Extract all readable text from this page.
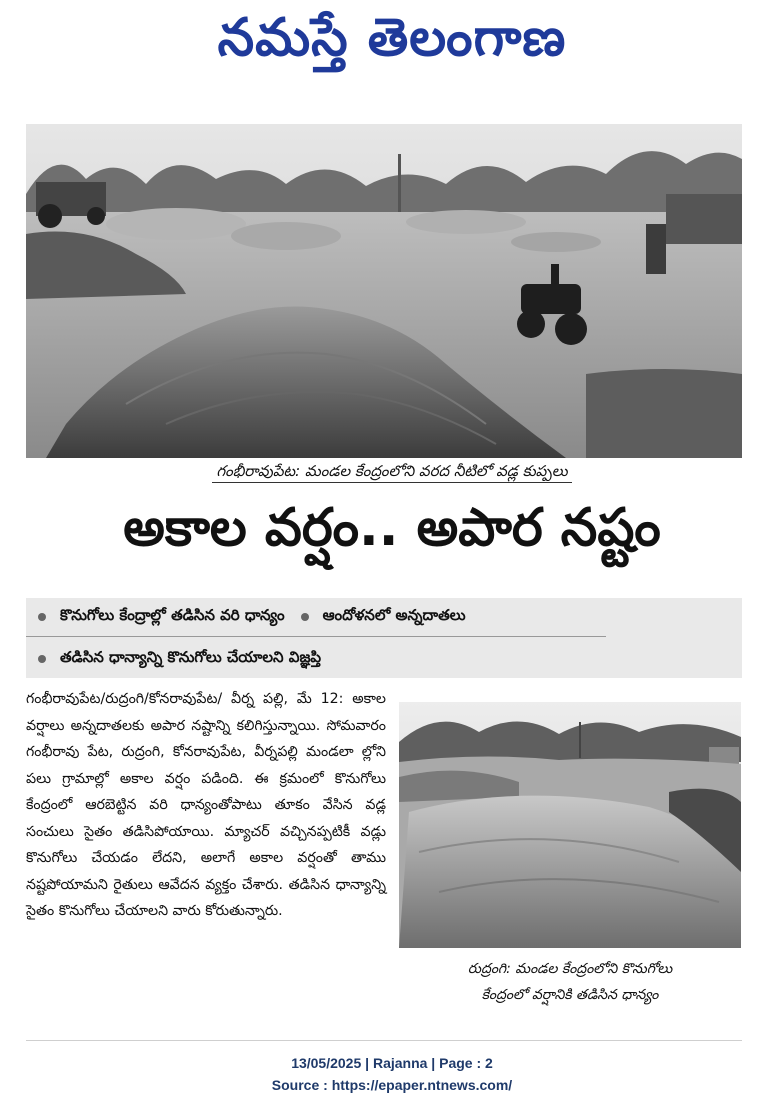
నమస్తే తెలంగాణ
గంభీరావుపేట: మండల కేంద్రంలోని వరద నీటిలో వడ్ల కుప్పలు
అకాల వర్షం.. అపార నష్టం
కొనుగోలు కేంద్రాల్లో తడిసిన వరి ధాన్యం	ఆందోళనలో అన్నదాతలు
తడిసిన ధాన్యాన్ని కొనుగోలు చేయాలని విజ్ఞప్తి
గంభీరావుపేట/రుద్రంగి/కోనరావుపేట/ వీర్న పల్లి, మే 12: అకాల వర్షాలు అన్నదాతలకు అపార నష్టాన్ని కలిగిస్తున్నాయి. సోమవారం గంభీరావు పేట, రుద్రంగి, కోనరావుపేట, వీర్నపల్లి మండలా ల్లోని పలు గ్రామాల్లో అకాల వర్షం పడింది. ఈ క్రమంలో కొనుగోలు కేంద్రంలో ఆరబెట్టిన వరి ధాన్యంతోపాటు తూకం వేసిన వడ్ల సంచులు సైతం తడిసిపోయాయి. మ్యాచర్ వచ్చినప్పటికీ వడ్లు కొనుగోలు చేయడం లేదని, అలాగే అకాల వర్షంతో తాము నష్టపోయామని రైతులు ఆవేదన వ్యక్తం చేశారు. తడిసిన ధాన్యాన్ని సైతం కొనుగోలు చేయాలని వారు కోరుతున్నారు.
రుద్రంగి: మండల కేంద్రంలోని కొనుగోలు
కేంద్రంలో వర్షానికి తడిసిన ధాన్యం
13/05/2025 | Rajanna | Page : 2
Source : https://epaper.ntnews.com/
